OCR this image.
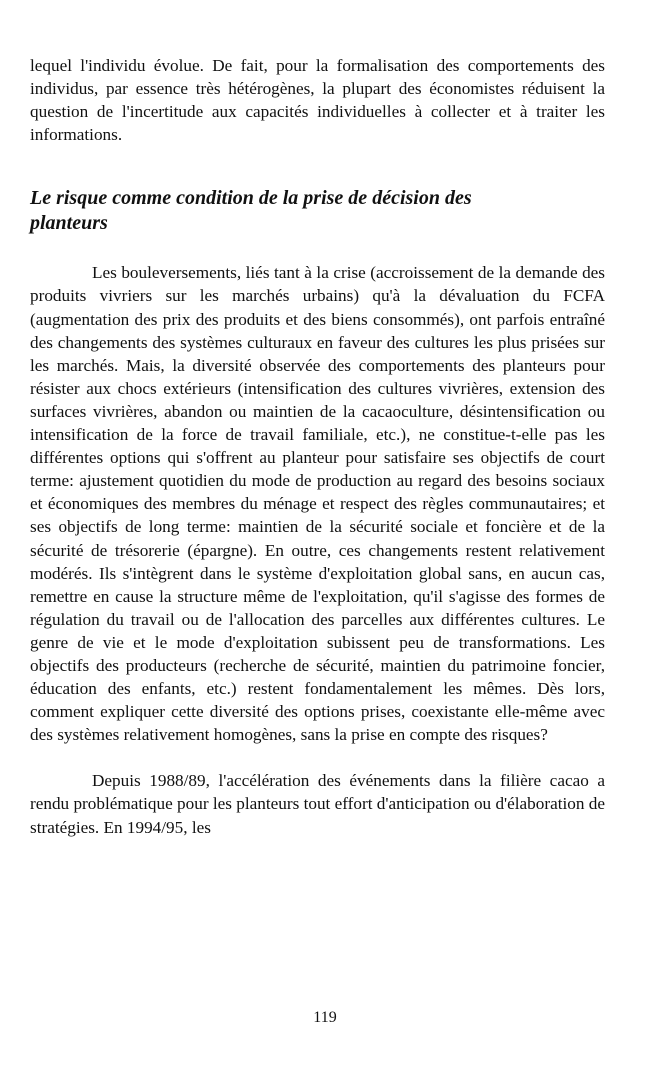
lequel l'individu évolue. De fait, pour la formalisation des comportements des individus, par essence très hétérogènes, la plupart des économistes réduisent la question de l'incertitude aux capacités individuelles à collecter et à traiter les informations.

Le risque comme condition de la prise de décision des planteurs

Les bouleversements, liés tant à la crise (accroissement de la demande des produits vivriers sur les marchés urbains) qu'à la dévaluation du FCFA (augmentation des prix des produits et des biens consommés), ont parfois entraîné des changements des systèmes culturaux en faveur des cultures les plus prisées sur les marchés. Mais, la diversité observée des comportements des planteurs pour résister aux chocs extérieurs (intensification des cultures vivrières, extension des surfaces vivrières, abandon ou maintien de la cacaoculture, désintensification ou intensification de la force de travail familiale, etc.), ne constitue-t-elle pas les différentes options qui s'offrent au planteur pour satisfaire ses objectifs de court terme: ajustement quotidien du mode de production au regard des besoins sociaux et économiques des membres du ménage et respect des règles communautaires; et ses objectifs de long terme: maintien de la sécurité sociale et foncière et de la sécurité de trésorerie (épargne). En outre, ces changements restent relativement modérés. Ils s'intègrent dans le système d'exploitation global sans, en aucun cas, remettre en cause la structure même de l'exploitation, qu'il s'agisse des formes de régulation du travail ou de l'allocation des parcelles aux différentes cultures. Le genre de vie et le mode d'exploitation subissent peu de transformations. Les objectifs des producteurs (recherche de sécurité, maintien du patrimoine foncier, éducation des enfants, etc.) restent fondamentalement les mêmes. Dès lors, comment expliquer cette diversité des options prises, coexistante elle-même avec des systèmes relativement homogènes, sans la prise en compte des risques?

Depuis 1988/89, l'accélération des événements dans la filière cacao a rendu problématique pour les planteurs tout effort d'anticipation ou d'élaboration de stratégies. En 1994/95, les

119
